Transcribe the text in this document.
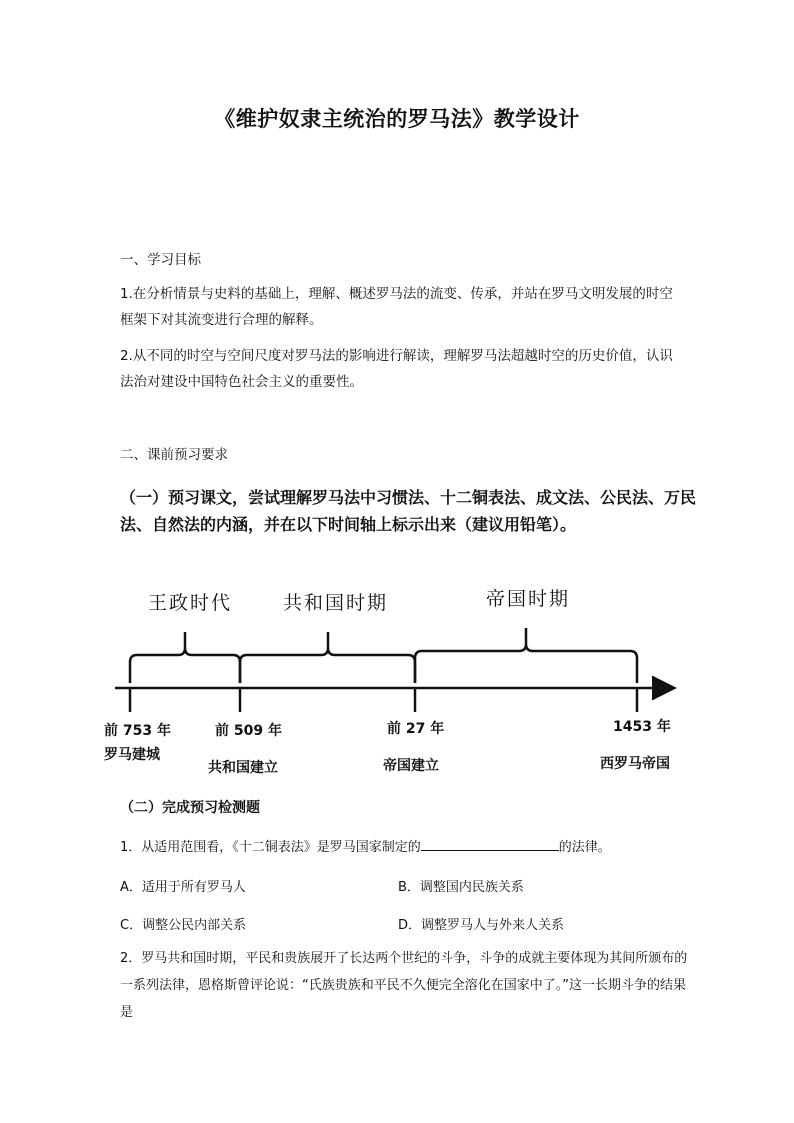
《维护奴隶主统治的罗马法》教学设计
一、学习目标
1.在分析情景与史料的基础上，理解、概述罗马法的流变、传承，并站在罗马文明发展的时空框架下对其流变进行合理的解释。
2.从不同的时空与空间尺度对罗马法的影响进行解读，理解罗马法超越时空的历史价值，认识法治对建设中国特色社会主义的重要性。
二、课前预习要求
（一）预习课文，尝试理解罗马法中习惯法、十二铜表法、成文法、公民法、万民法、自然法的内涵，并在以下时间轴上标示出来（建议用铅笔）。
王政时代	共和国时期	帝国时期
前 753 年	前 509 年	前 27 年	1453 年
罗马建城
共和国建立	帝国建立	西罗马帝国
（二）完成预习检测题
1．从适用范围看，《十二铜表法》是罗马国家制定的	的法律。
A．适用于所有罗马人	B．调整国内民族关系
C．调整公民内部关系	D．调整罗马人与外来人关系
2．罗马共和国时期，平民和贵族展开了长达两个世纪的斗争，斗争的成就主要体现为其间所颁布的一系列法律，恩格斯曾评论说：“氏族贵族和平民不久便完全溶化在国家中了。”这一长期斗争的结果是
